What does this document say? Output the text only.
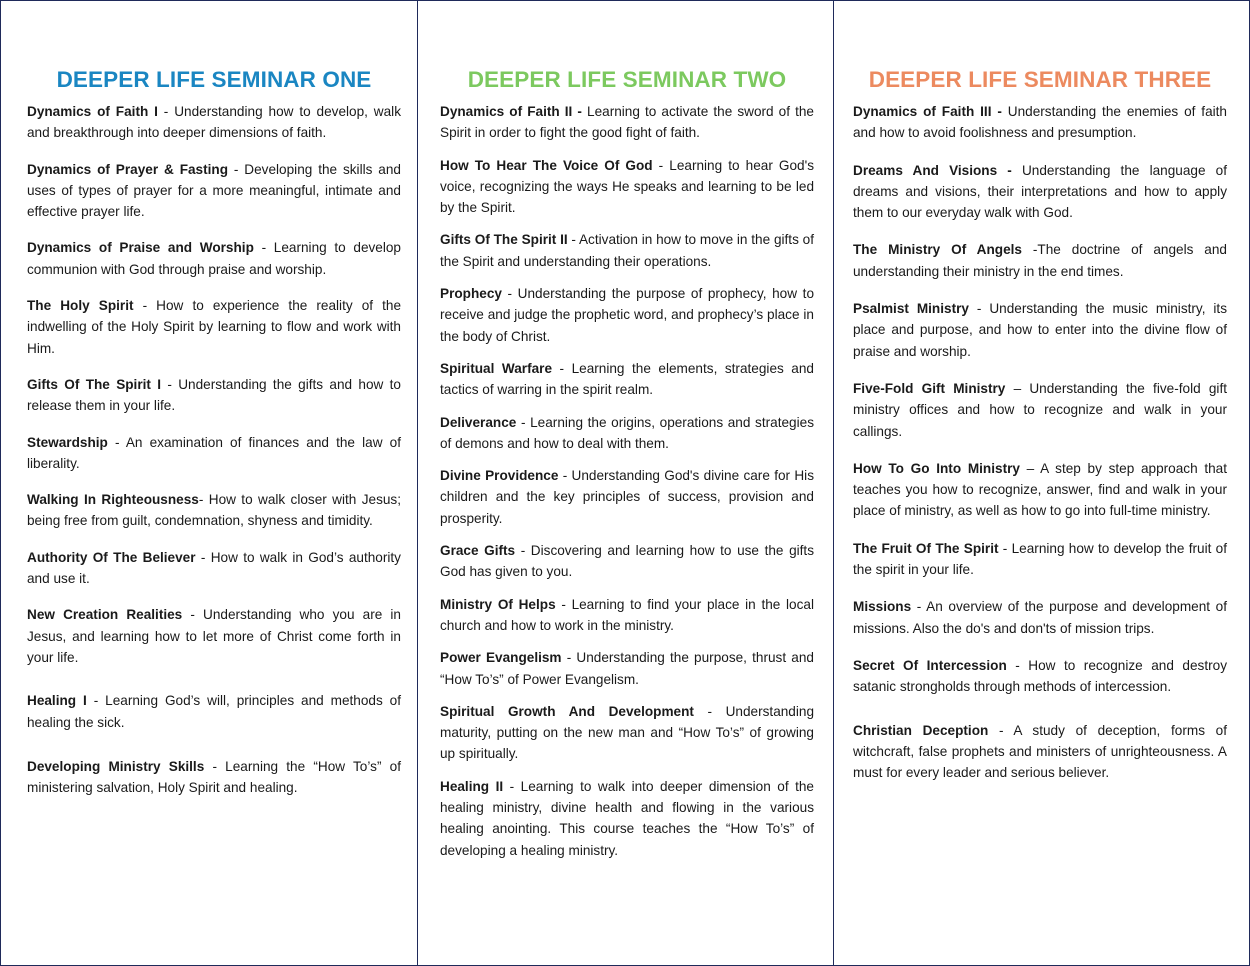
DEEPER LIFE SEMINAR ONE

Dynamics of Faith I - Understanding how to develop, walk and breakthrough into deeper dimensions of faith.

Dynamics of Prayer & Fasting - Developing the skills and uses of types of prayer for a more meaningful, intimate and effective prayer life.

Dynamics of Praise and Worship - Learning to develop communion with God through praise and worship.

The Holy Spirit - How to experience the reality of the indwelling of the Holy Spirit by learning to flow and work with Him.

Gifts Of The Spirit I - Understanding the gifts and how to release them in your life.

Stewardship - An examination of finances and the law of liberality.

Walking In Righteousness- How to walk closer with Jesus; being free from guilt, condemnation, shyness and timidity.

Authority Of The Believer - How to walk in God’s authority and use it.

New Creation Realities - Understanding who you are in Jesus, and learning how to let more of Christ come forth in your life.

Healing I - Learning God’s will, principles and methods of healing the sick.

Developing Ministry Skills - Learning the “How To’s” of ministering salvation, Holy Spirit and healing.

DEEPER LIFE SEMINAR TWO

Dynamics of Faith II - Learning to activate the sword of the Spirit in order to fight the good fight of faith.

How To Hear The Voice Of God - Learning to hear God's voice, recognizing the ways He speaks and learning to be led by the Spirit.

Gifts Of The Spirit II - Activation in how to move in the gifts of the Spirit and understanding their operations.

Prophecy - Understanding the purpose of prophecy, how to receive and judge the prophetic word, and prophecy’s place in the body of Christ.

Spiritual Warfare - Learning the elements, strategies and tactics of warring in the spirit realm.

Deliverance - Learning the origins, operations and strategies of demons and how to deal with them.

Divine Providence - Understanding God's divine care for His children and the key principles of success, provision and prosperity.

Grace Gifts - Discovering and learning how to use the gifts God has given to you.

Ministry Of Helps - Learning to find your place in the local church and how to work in the ministry.

Power Evangelism - Understanding the purpose, thrust and “How To’s” of Power Evangelism.

Spiritual Growth And Development - Understanding maturity, putting on the new man and “How To’s” of growing up spiritually.

Healing II - Learning to walk into deeper dimension of the healing ministry, divine health and flowing in the various healing anointing. This course teaches the “How To’s” of developing a healing ministry.

DEEPER LIFE SEMINAR THREE

Dynamics of Faith III - Understanding the enemies of faith and how to avoid foolishness and presumption.

Dreams And Visions - Understanding the language of dreams and visions, their interpretations and how to apply them to our everyday walk with God.

The Ministry Of Angels -The doctrine of angels and understanding their ministry in the end times.

Psalmist Ministry - Understanding the music ministry, its place and purpose, and how to enter into the divine flow of praise and worship.

Five-Fold Gift Ministry – Understanding the five-fold gift ministry offices and how to recognize and walk in your callings.

How To Go Into Ministry – A step by step approach that teaches you how to recognize, answer, find and walk in your place of ministry, as well as how to go into full-time ministry.

The Fruit Of The Spirit - Learning how to develop the fruit of the spirit in your life.

Missions - An overview of the purpose and development of missions. Also the do's and don'ts of mission trips.

Secret Of Intercession - How to recognize and destroy satanic strongholds through methods of intercession.

Christian Deception - A study of deception, forms of witchcraft, false prophets and ministers of unrighteousness. A must for every leader and serious believer.
